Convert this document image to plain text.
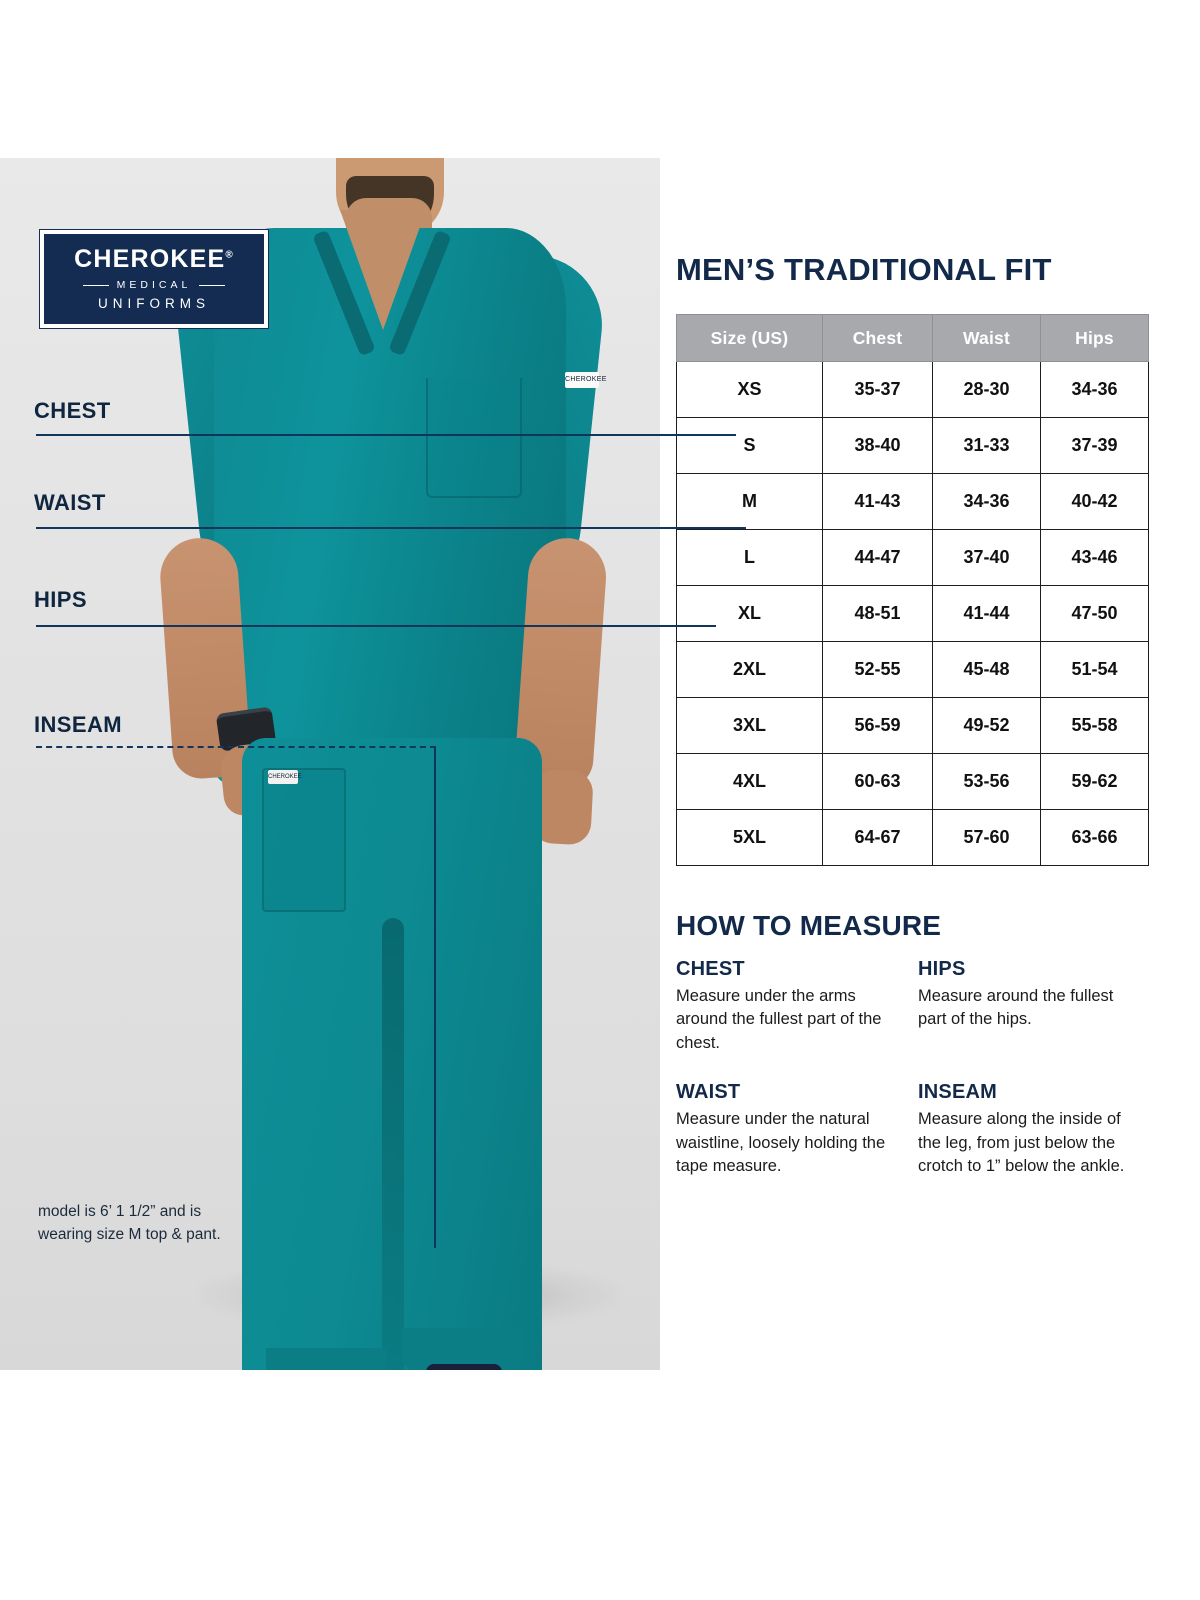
CHEROKEE
CHEROKEE
CHEROKEE®
MEDICAL
UNIFORMS
CHEST
WAIST
HIPS
INSEAM
model is 6’ 1 1/2” and is wearing size M top & pant.
MEN’S TRADITIONAL FIT
Size (US)	Chest	Waist	Hips
XS	35-37	28-30	34-36
S	38-40	31-33	37-39
M	41-43	34-36	40-42
L	44-47	37-40	43-46
XL	48-51	41-44	47-50
2XL	52-55	45-48	51-54
3XL	56-59	49-52	55-58
4XL	60-63	53-56	59-62
5XL	64-67	57-60	63-66
HOW TO MEASURE
CHEST

Measure under the arms around the fullest part of the chest.

HIPS

Measure around the fullest part of the hips.

WAIST

Measure under the natural waistline, loosely holding the tape measure.

INSEAM

Measure along the inside of the leg, from just below the crotch to 1” below the ankle.
